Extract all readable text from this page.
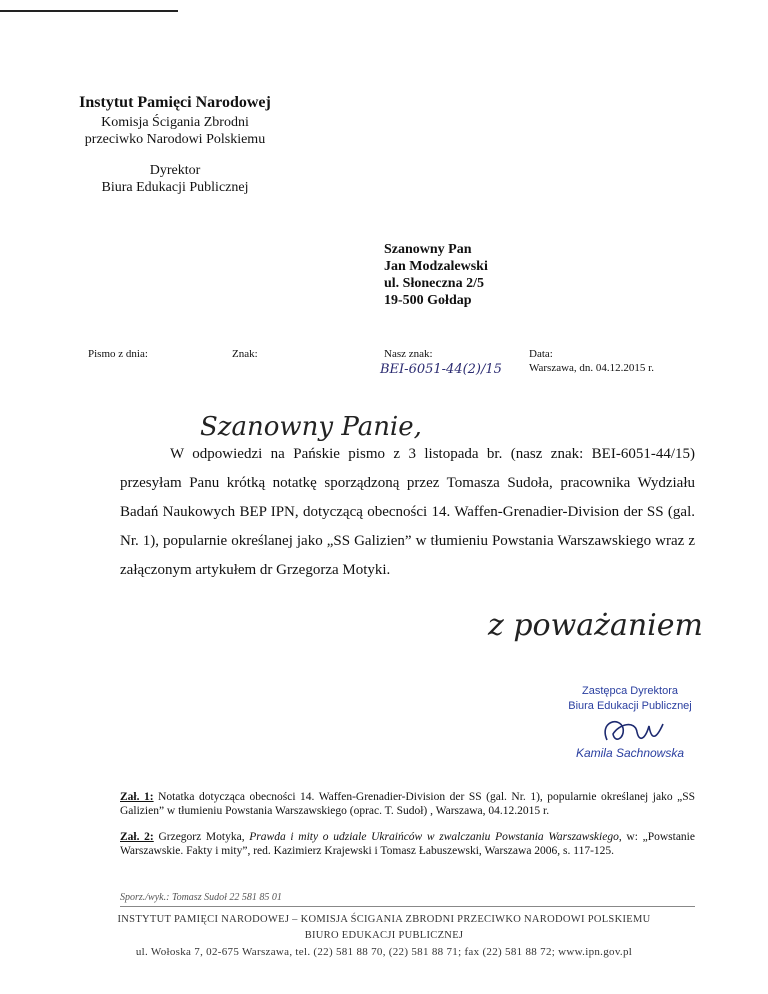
Instytut Pamięci Narodowej
Komisja Ścigania Zbrodni
przeciwko Narodowi Polskiemu
Dyrektor
Biura Edukacji Publicznej
Szanowny Pan
Jan Modzalewski
ul. Słoneczna 2/5
19-500 Gołdap
Pismo z dnia:	Znak:	Nasz znak:
BEI-6051-44(2)/15
Data:
Warszawa, dn. 04.12.2015 r.
Szanowny Panie,

W odpowiedzi na Pańskie pismo z 3 listopada br. (nasz znak: BEI-6051-44/15) przesyłam Panu krótką notatkę sporządzoną przez Tomasza Sudoła, pracownika Wydziału Badań Naukowych BEP IPN, dotyczącą obecności 14. Waffen-Grenadier-Division der SS (gal. Nr. 1), popularnie określanej jako „SS Galizien” w tłumieniu Powstania Warszawskiego wraz z załączonym artykułem dr Grzegorza Motyki.

z poważaniem
Zastępca Dyrektora
Biura Edukacji Publicznej
Kamila Sachnowska
Zał. 1: Notatka dotycząca obecności 14. Waffen-Grenadier-Division der SS (gal. Nr. 1), popularnie określanej jako „SS Galizien” w tłumieniu Powstania Warszawskiego (oprac. T. Sudoł) , Warszawa, 04.12.2015 r.
Zał. 2: Grzegorz Motyka, Prawda i mity o udziale Ukraińców w zwalczaniu Powstania Warszawskiego, w: „Powstanie Warszawskie. Fakty i mity”, red. Kazimierz Krajewski i Tomasz Łabuszewski, Warszawa 2006, s. 117-125.
Sporz./wyk.: Tomasz Sudoł 22 581 85 01
INSTYTUT PAMIĘCI NARODOWEJ – KOMISJA ŚCIGANIA ZBRODNI PRZECIWKO NARODOWI POLSKIEMU
BIURO EDUKACJI PUBLICZNEJ
ul. Wołoska 7, 02-675 Warszawa, tel. (22) 581 88 70, (22) 581 88 71; fax (22) 581 88 72; www.ipn.gov.pl
